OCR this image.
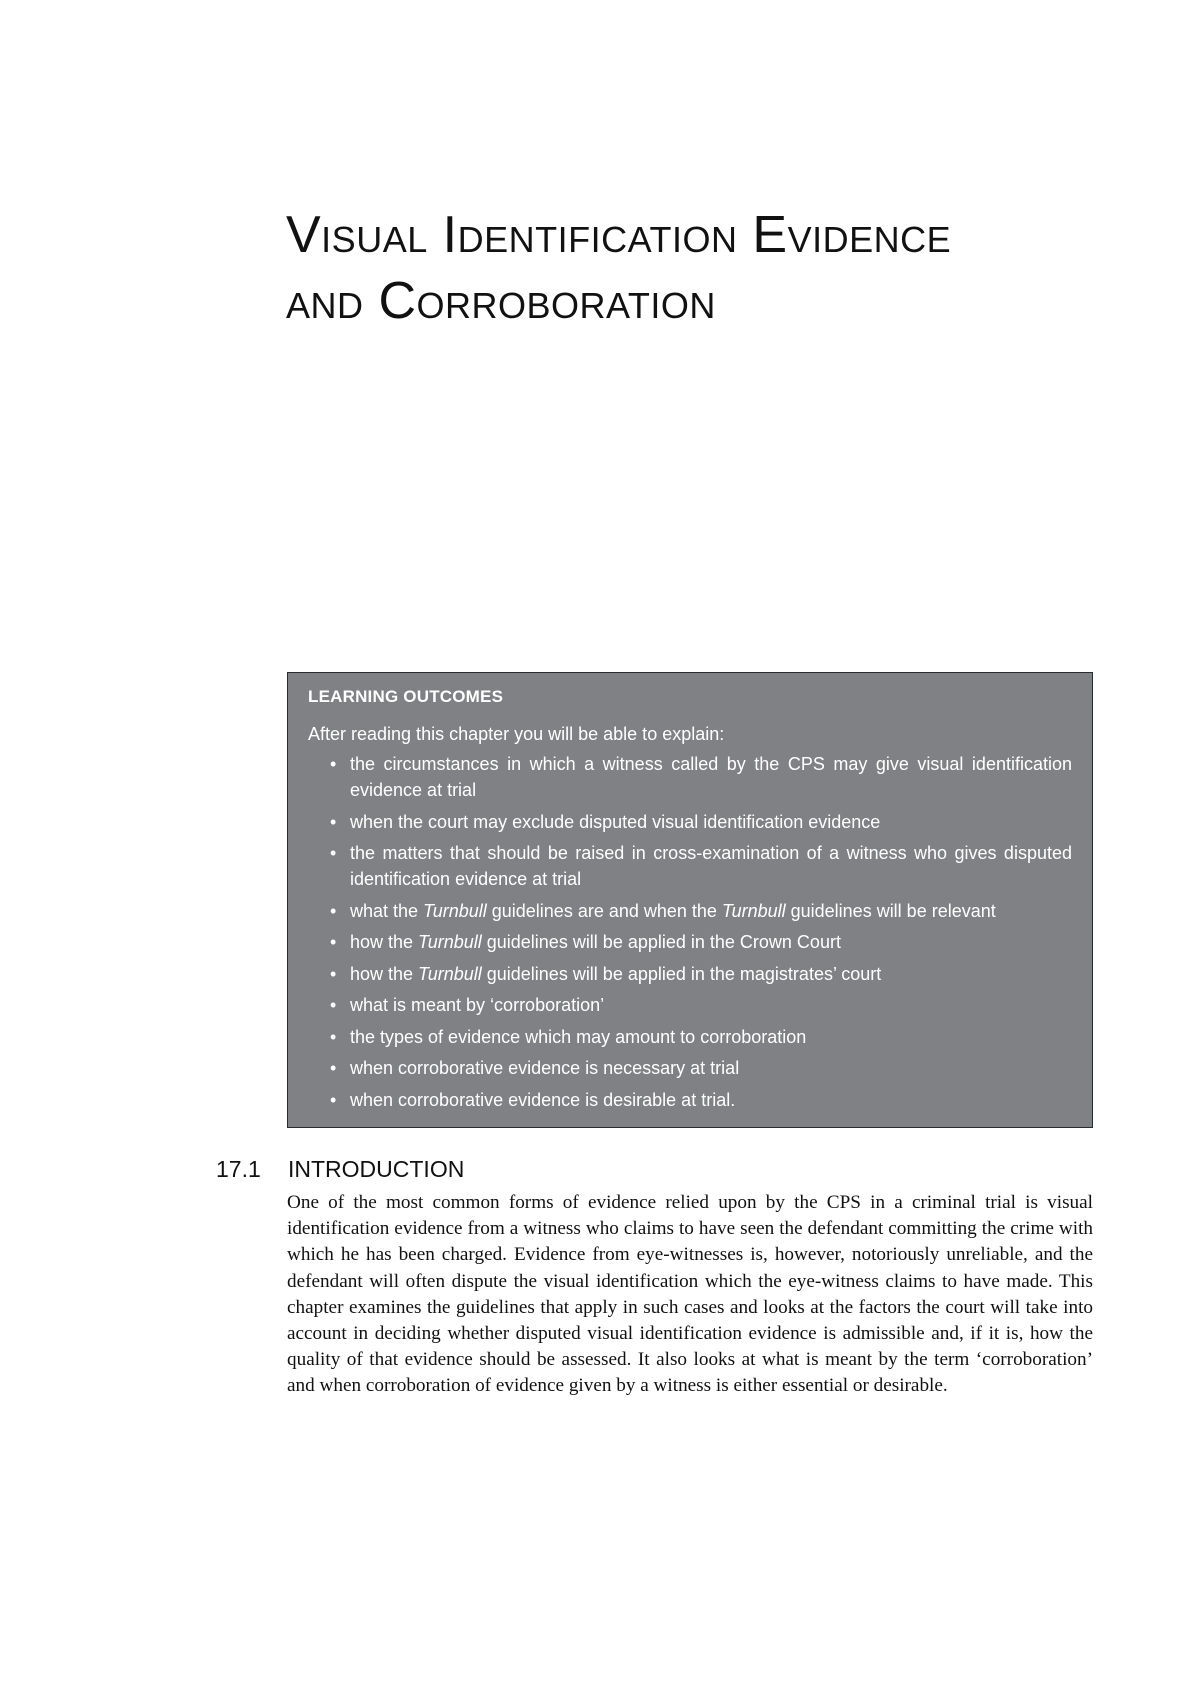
Visual Identification Evidence
and Corroboration

LEARNING OUTCOMES

After reading this chapter you will be able to explain:

• the circumstances in which a witness called by the CPS may give visual identification evidence at trial
• when the court may exclude disputed visual identification evidence
• the matters that should be raised in cross-examination of a witness who gives disputed identification evidence at trial
• what the Turnbull guidelines are and when the Turnbull guidelines will be relevant
• how the Turnbull guidelines will be applied in the Crown Court
• how the Turnbull guidelines will be applied in the magistrates’ court
• what is meant by ‘corroboration’
• the types of evidence which may amount to corroboration
• when corroborative evidence is necessary at trial
• when corroborative evidence is desirable at trial.
17.1 INTRODUCTION

One of the most common forms of evidence relied upon by the CPS in a criminal trial is visual identification evidence from a witness who claims to have seen the defendant committing the crime with which he has been charged. Evidence from eye-witnesses is, however, notoriously unreliable, and the defendant will often dispute the visual identification which the eye-witness claims to have made. This chapter examines the guidelines that apply in such cases and looks at the factors the court will take into account in deciding whether disputed visual identification evidence is admissible and, if it is, how the quality of that evidence should be assessed. It also looks at what is meant by the term ‘corroboration’ and when corroboration of evidence given by a witness is either essential or desirable.
